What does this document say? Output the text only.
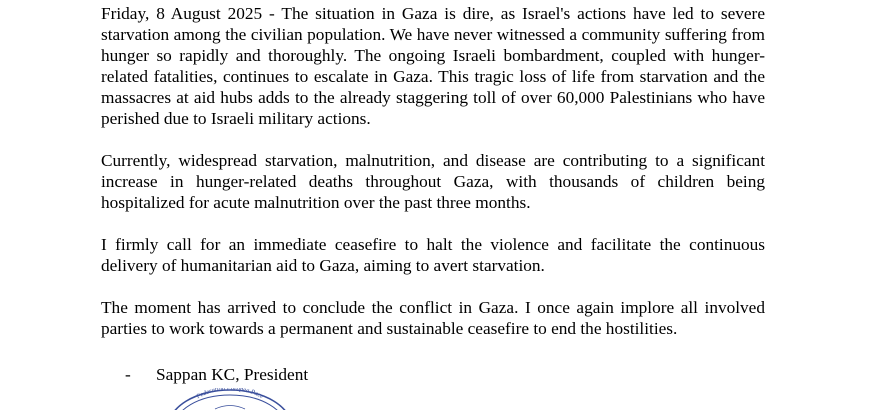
Friday, 8 August 2025 - The situation in Gaza is dire, as Israel's actions have led to severe starvation among the civilian population. We have never witnessed a community suffering from hunger so rapidly and thoroughly. The ongoing Israeli bombardment, coupled with hunger-related fatalities, continues to escalate in Gaza. This tragic loss of life from starvation and the massacres at aid hubs adds to the already staggering toll of over 60,000 Palestinians who have perished due to Israeli military actions.

Currently, widespread starvation, malnutrition, and disease are contributing to a significant increase in hunger-related deaths throughout Gaza, with thousands of children being hospitalized for acute malnutrition over the past three months.

I firmly call for an immediate ceasefire to halt the violence and facilitate the continuous delivery of humanitarian aid to Gaza, aiming to avert starvation.

The moment has arrived to conclude the conflict in Gaza. I once again implore all involved parties to work towards a permanent and sustainable ceasefire to end the hostilities.

- Sappan KC, President
Federation Europea Pace
